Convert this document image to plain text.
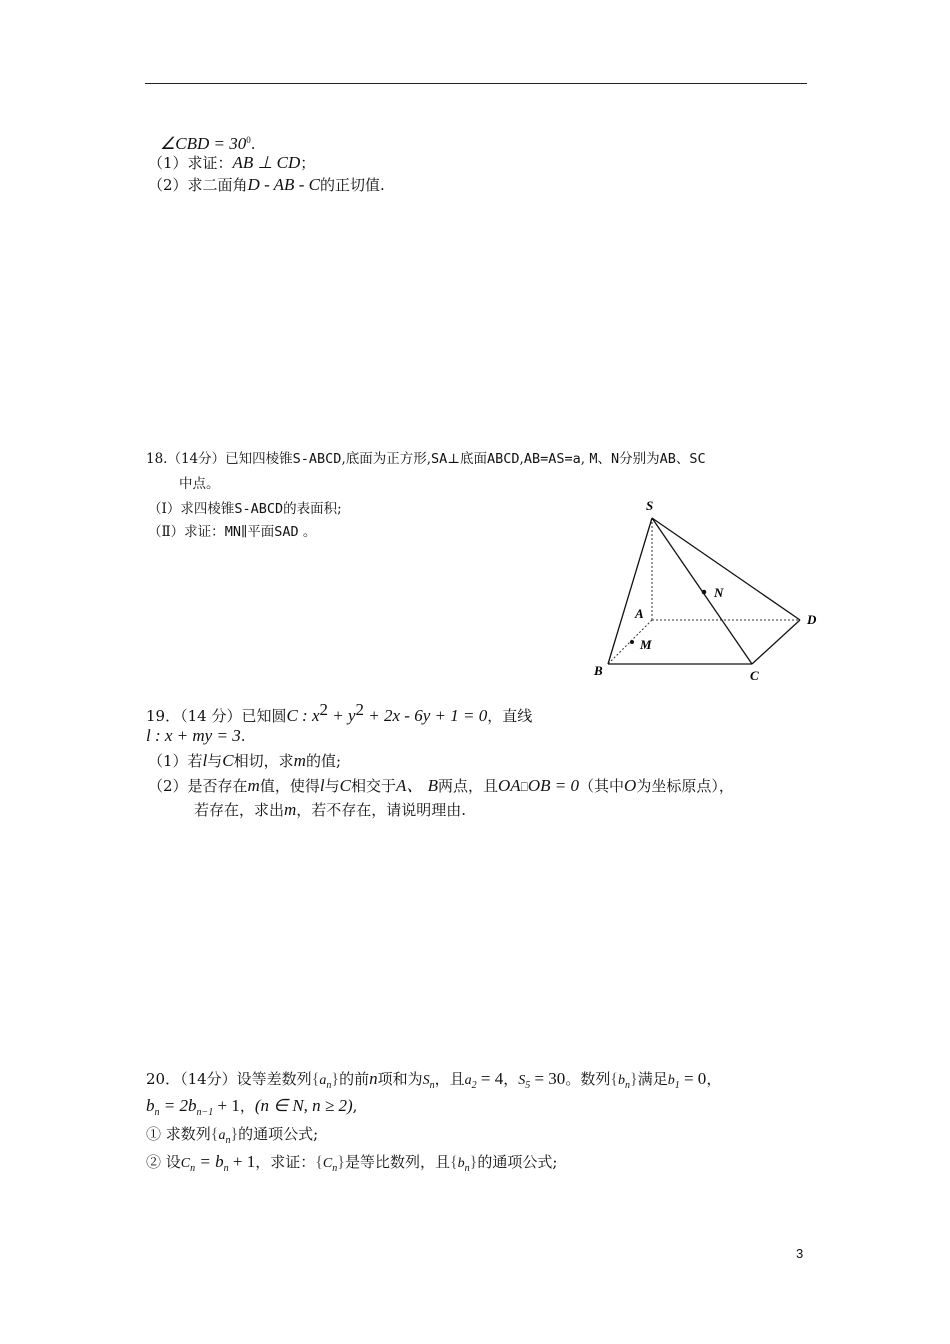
∠CBD = $30^0$.
（1）求证：AB ⊥ CD；
（2）求二面角D - AB - C的正切值.
18.（14分）已知四棱锥S-ABCD,底面为正方形,SA⊥底面ABCD,AB=AS=a, M、N分别为AB、SC
中点。
（Ⅰ）求四棱锥S-ABCD的表面积;
（Ⅱ）求证：MN∥平面SAD 。
S
A
B	C
D
M
N
19．（14 分）已知圆C : $x^2 + y^2 + 2x - 6y + 1 = 0$，直线
l : x + my = 3.
（1）若l与C相切，求m的值;
（2）是否存在m值，使得l与C相交于A、 B两点，且OA⎕OB = 0（其中O为坐标原点），
若存在，求出m，若不存在，请说明理由.
20．（14分）设等差数列$\{a_n\}$的前n项和为$S_n$，且$a_2 = 4$，$S_5 = 30$。数列$\{b_n\}$满足$b_1 = 0$，
$b_n = 2b_{n-1} + 1$，(n ∈ N, n ≥ 2),
① 求数列$\{a_n\}$的通项公式;
② 设$C_n = b_n + 1$，求证：$\{C_n\}$是等比数列，且$\{b_n\}$的通项公式;
3
